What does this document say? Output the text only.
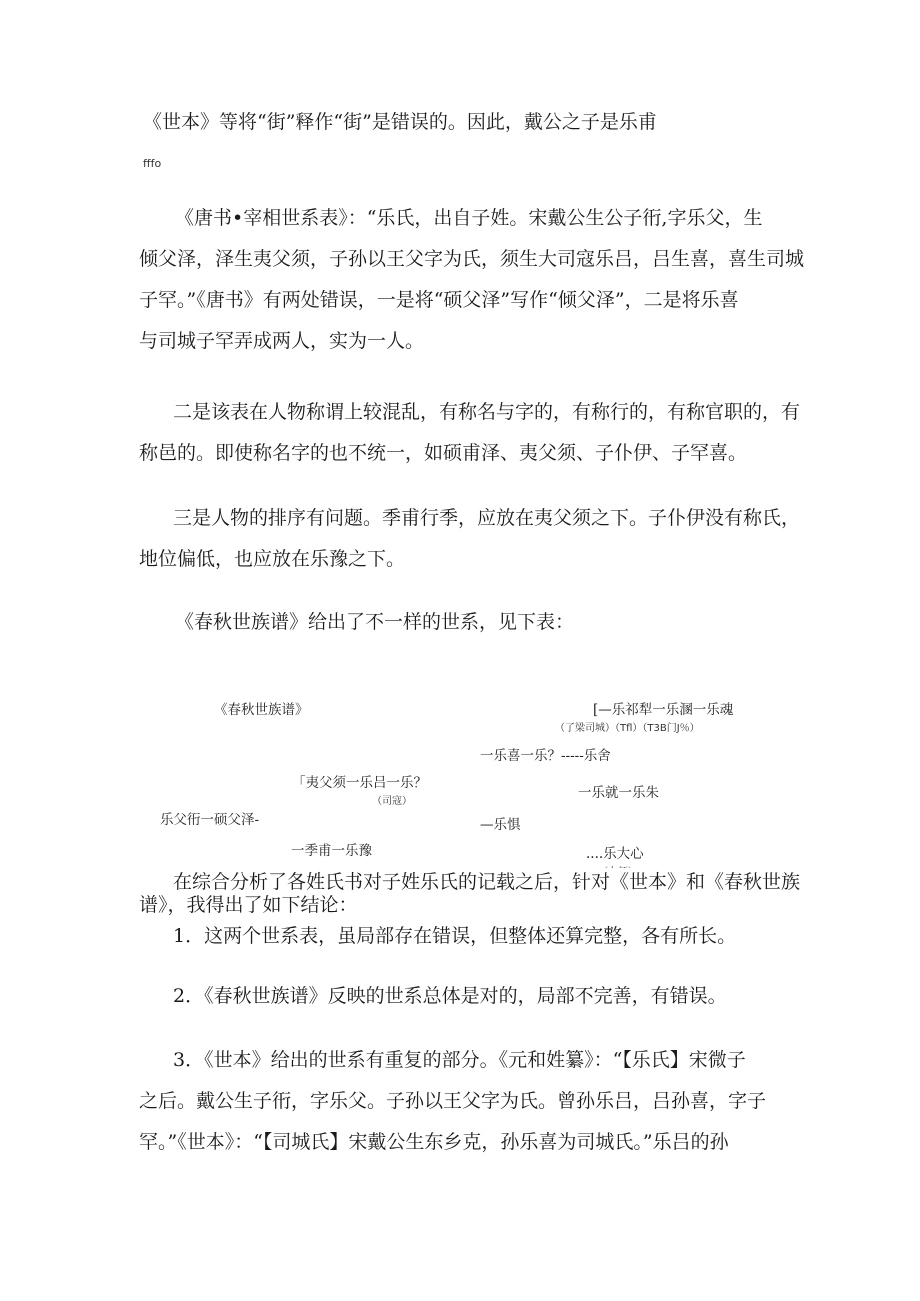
《世本》等将“街”释作“街”是错误的。因此，戴公之子是乐甫

fffo

《唐书•宰相世系表》：“乐氏，出自子姓。宋戴公生公子衎,字乐父，生

倾父泽，泽生夷父须，子孙以王父字为氏，须生大司寇乐吕，吕生喜，喜生司城

子罕。”《唐书》有两处错误，一是将“硕父泽”写作“倾父泽”，二是将乐喜

与司城子罕弄成两人，实为一人。

二是该表在人物称谓上较混乱，有称名与字的，有称行的，有称官职的，有

称邑的。即使称名字的也不统一，如硕甫泽、夷父须、子仆伊、子罕喜。

三是人物的排序有问题。季甫行季，应放在夷父须之下。子仆伊没有称氏，

地位偏低，也应放在乐豫之下。

《春秋世族谱》给出了不一样的世系，见下表：

《春秋世族谱》	[—乐祁犁一乐溷一乐魂

（了梁司城）（Tfl）（T3B门J％）

一乐喜一乐？-----乐舍

「夷父须一乐吕一乐？

一乐就一乐朱

（司寇）

乐父衎一硕父泽-	—乐惧

一季甫一乐豫	....乐大心

在综合分析了各姓氏书对子姓乐氏的记载之后，针对《世本》和《春秋世族

谱》，我得出了如下结论：

1．这两个世系表，虽局部存在错误，但整体还算完整，各有所长。

2．《春秋世族谱》反映的世系总体是对的，局部不完善，有错误。

3．《世本》给出的世系有重复的部分。《元和姓纂》：“【乐氏】宋微子

之后。戴公生子衎，字乐父。子孙以王父字为氏。曾孙乐吕，吕孙喜，字子

罕。”《世本》：“【司城氏】宋戴公生东乡克，孙乐喜为司城氏。”乐吕的孙
